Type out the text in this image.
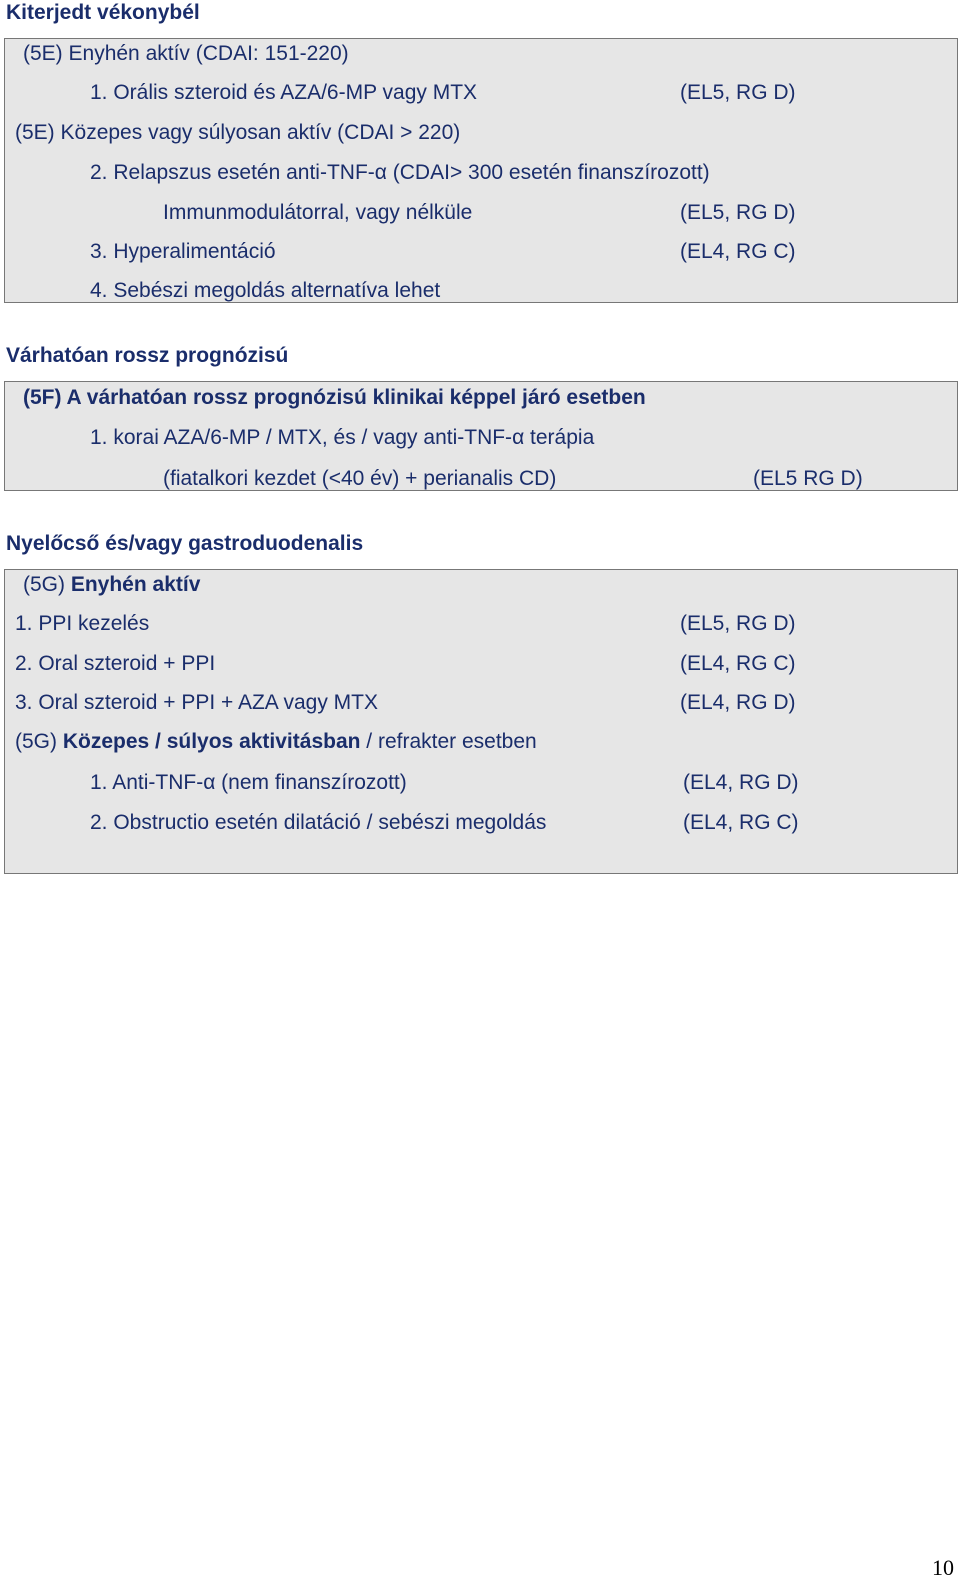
Kiterjedt vékonybél
(5E) Enyhén aktív (CDAI: 151-220)
1. Orális szteroid és AZA/6-MP vagy MTX	(EL5, RG D)
(5E) Közepes vagy súlyosan aktív (CDAI > 220)
2. Relapszus esetén anti-TNF-α (CDAI> 300 esetén finanszírozott)
Immunmodulátorral, vagy nélküle	(EL5, RG D)
3. Hyperalimentáció	(EL4, RG C)
4. Sebészi megoldás alternatíva lehet
Várhatóan rossz prognózisú
(5F) A várhatóan rossz prognózisú klinikai képpel járó esetben
1. korai AZA/6-MP / MTX, és / vagy anti-TNF-α terápia
(fiatalkori kezdet (<40 év) + perianalis CD)	(EL5 RG D)
Nyelőcső és/vagy gastroduodenalis
(5G) Enyhén aktív
1. PPI kezelés	(EL5, RG D)
2. Oral szteroid + PPI	(EL4, RG C)
3. Oral szteroid + PPI + AZA vagy MTX	(EL4, RG D)
(5G) Közepes / súlyos aktivitásban / refrakter esetben
1. Anti-TNF-α (nem finanszírozott)	(EL4, RG D)
2. Obstructio esetén dilatáció / sebészi megoldás	(EL4, RG C)
10
